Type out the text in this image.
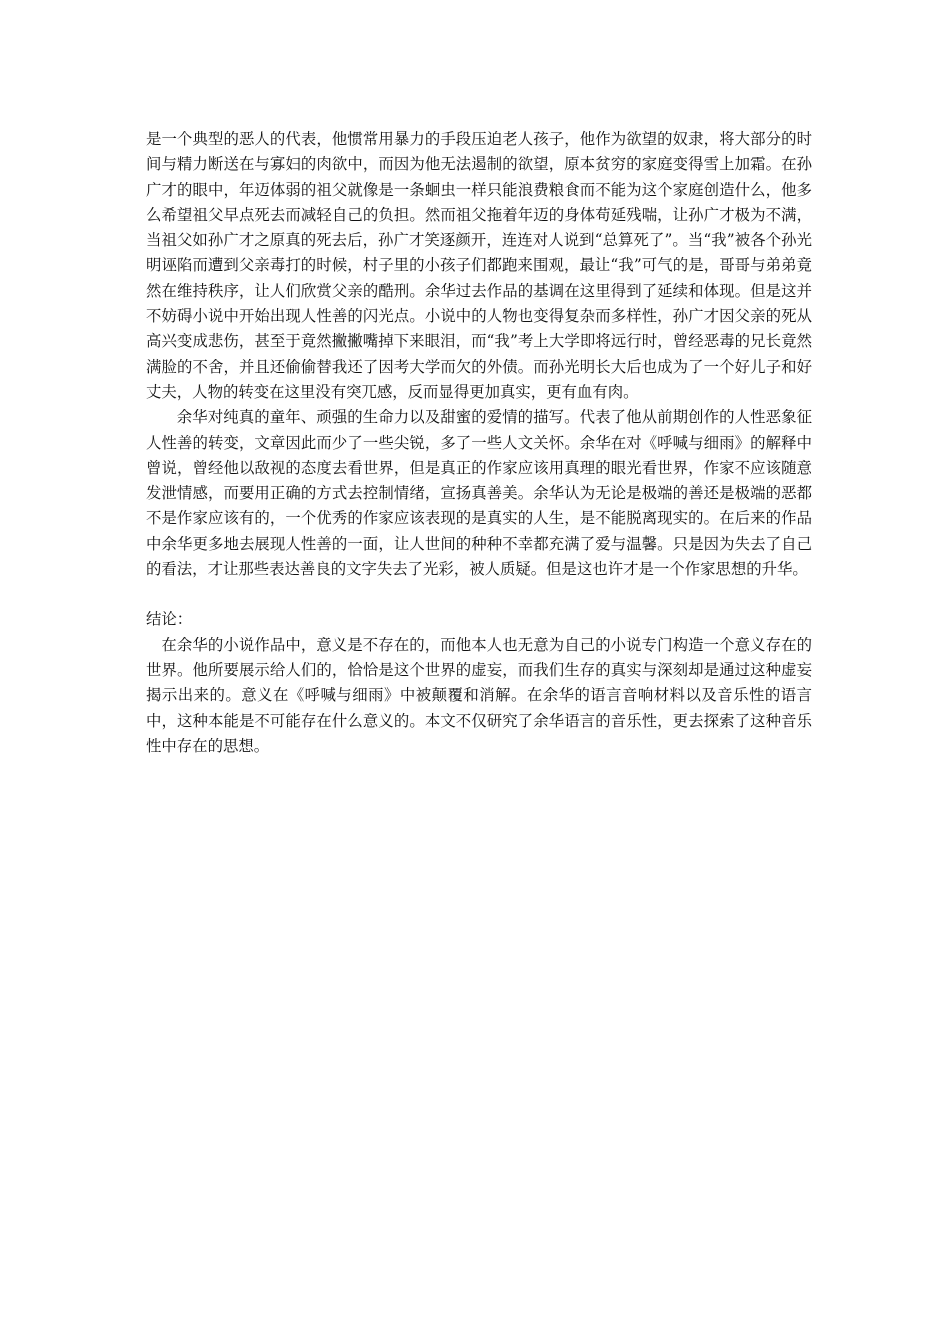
是一个典型的恶人的代表，他惯常用暴力的手段压迫老人孩子，他作为欲望的奴隶，将大部分的时间与精力断送在与寡妇的肉欲中，而因为他无法遏制的欲望，原本贫穷的家庭变得雪上加霜。在孙广才的眼中，年迈体弱的祖父就像是一条蛔虫一样只能浪费粮食而不能为这个家庭创造什么，他多么希望祖父早点死去而减轻自己的负担。然而祖父拖着年迈的身体苟延残喘，让孙广才极为不满，当祖父如孙广才之原真的死去后，孙广才笑逐颜开，连连对人说到“总算死了”。当“我”被各个孙光明诬陷而遭到父亲毒打的时候，村子里的小孩子们都跑来围观，最让“我”可气的是，哥哥与弟弟竟然在维持秩序，让人们欣赏父亲的酷刑。余华过去作品的基调在这里得到了延续和体现。但是这并不妨碍小说中开始出现人性善的闪光点。小说中的人物也变得复杂而多样性，孙广才因父亲的死从高兴变成悲伤，甚至于竟然撇撇嘴掉下来眼泪，而“我”考上大学即将远行时，曾经恶毒的兄长竟然满脸的不舍，并且还偷偷替我还了因考大学而欠的外债。而孙光明长大后也成为了一个好儿子和好丈夫，人物的转变在这里没有突兀感，反而显得更加真实，更有血有肉。

余华对纯真的童年、顽强的生命力以及甜蜜的爱情的描写。代表了他从前期创作的人性恶象征人性善的转变，文章因此而少了一些尖锐，多了一些人文关怀。余华在对《呼喊与细雨》的解释中曾说，曾经他以敌视的态度去看世界，但是真正的作家应该用真理的眼光看世界，作家不应该随意发泄情感，而要用正确的方式去控制情绪，宣扬真善美。余华认为无论是极端的善还是极端的恶都不是作家应该有的，一个优秀的作家应该表现的是真实的人生，是不能脱离现实的。在后来的作品中余华更多地去展现人性善的一面，让人世间的种种不幸都充满了爱与温馨。只是因为失去了自己的看法，才让那些表达善良的文字失去了光彩，被人质疑。但是这也许才是一个作家思想的升华。

结论：

在余华的小说作品中，意义是不存在的，而他本人也无意为自己的小说专门构造一个意义存在的世界。他所要展示给人们的，恰恰是这个世界的虚妄，而我们生存的真实与深刻却是通过这种虚妄揭示出来的。意义在《呼喊与细雨》中被颠覆和消解。在余华的语言音响材料以及音乐性的语言中，这种本能是不可能存在什么意义的。本文不仅研究了余华语言的音乐性，更去探索了这种音乐性中存在的思想。
